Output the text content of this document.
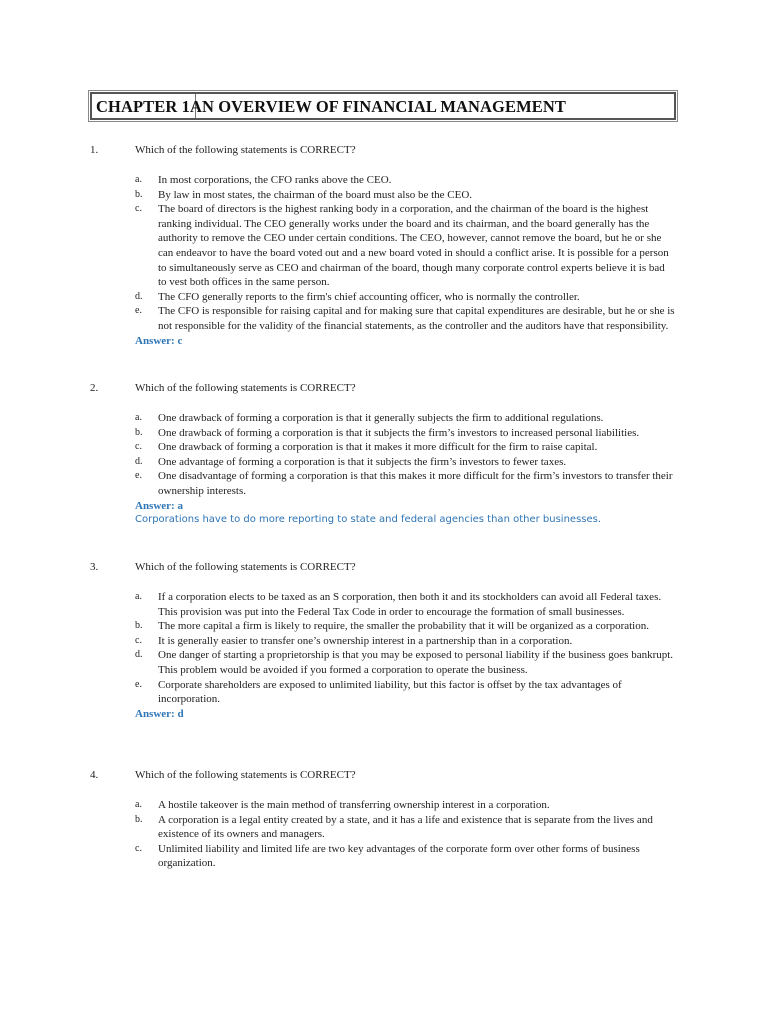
CHAPTER 1AN OVERVIEW OF FINANCIAL MANAGEMENT
1.	Which of the following statements is CORRECT?
a. In most corporations, the CFO ranks above the CEO.
b. By law in most states, the chairman of the board must also be the CEO.
c. The board of directors is the highest ranking body in a corporation, and the chairman of the board is the highest ranking individual. The CEO generally works under the board and its chairman, and the board generally has the authority to remove the CEO under certain conditions. The CEO, however, cannot remove the board, but he or she can endeavor to have the board voted out and a new board voted in should a conflict arise. It is possible for a person to simultaneously serve as CEO and chairman of the board, though many corporate control experts believe it is bad to vest both offices in the same person.
d. The CFO generally reports to the firm's chief accounting officer, who is normally the controller.
e. The CFO is responsible for raising capital and for making sure that capital expenditures are desirable, but he or she is not responsible for the validity of the financial statements, as the controller and the auditors have that responsibility.
Answer: c
2.	Which of the following statements is CORRECT?
a. One drawback of forming a corporation is that it generally subjects the firm to additional regulations.
b. One drawback of forming a corporation is that it subjects the firm’s investors to increased personal liabilities.
c. One drawback of forming a corporation is that it makes it more difficult for the firm to raise capital.
d. One advantage of forming a corporation is that it subjects the firm’s investors to fewer taxes.
e. One disadvantage of forming a corporation is that this makes it more difficult for the firm’s investors to transfer their ownership interests.
Answer: a
Corporations have to do more reporting to state and federal agencies than other businesses.
3.	Which of the following statements is CORRECT?
a. If a corporation elects to be taxed as an S corporation, then both it and its stockholders can avoid all Federal taxes. This provision was put into the Federal Tax Code in order to encourage the formation of small businesses.
b. The more capital a firm is likely to require, the smaller the probability that it will be organized as a corporation.
c. It is generally easier to transfer one’s ownership interest in a partnership than in a corporation.
d. One danger of starting a proprietorship is that you may be exposed to personal liability if the business goes bankrupt. This problem would be avoided if you formed a corporation to operate the business.
e. Corporate shareholders are exposed to unlimited liability, but this factor is offset by the tax advantages of incorporation.
Answer: d
4.	Which of the following statements is CORRECT?
a. A hostile takeover is the main method of transferring ownership interest in a corporation.
b. A corporation is a legal entity created by a state, and it has a life and existence that is separate from the lives and existence of its owners and managers.
c. Unlimited liability and limited life are two key advantages of the corporate form over other forms of business organization.
